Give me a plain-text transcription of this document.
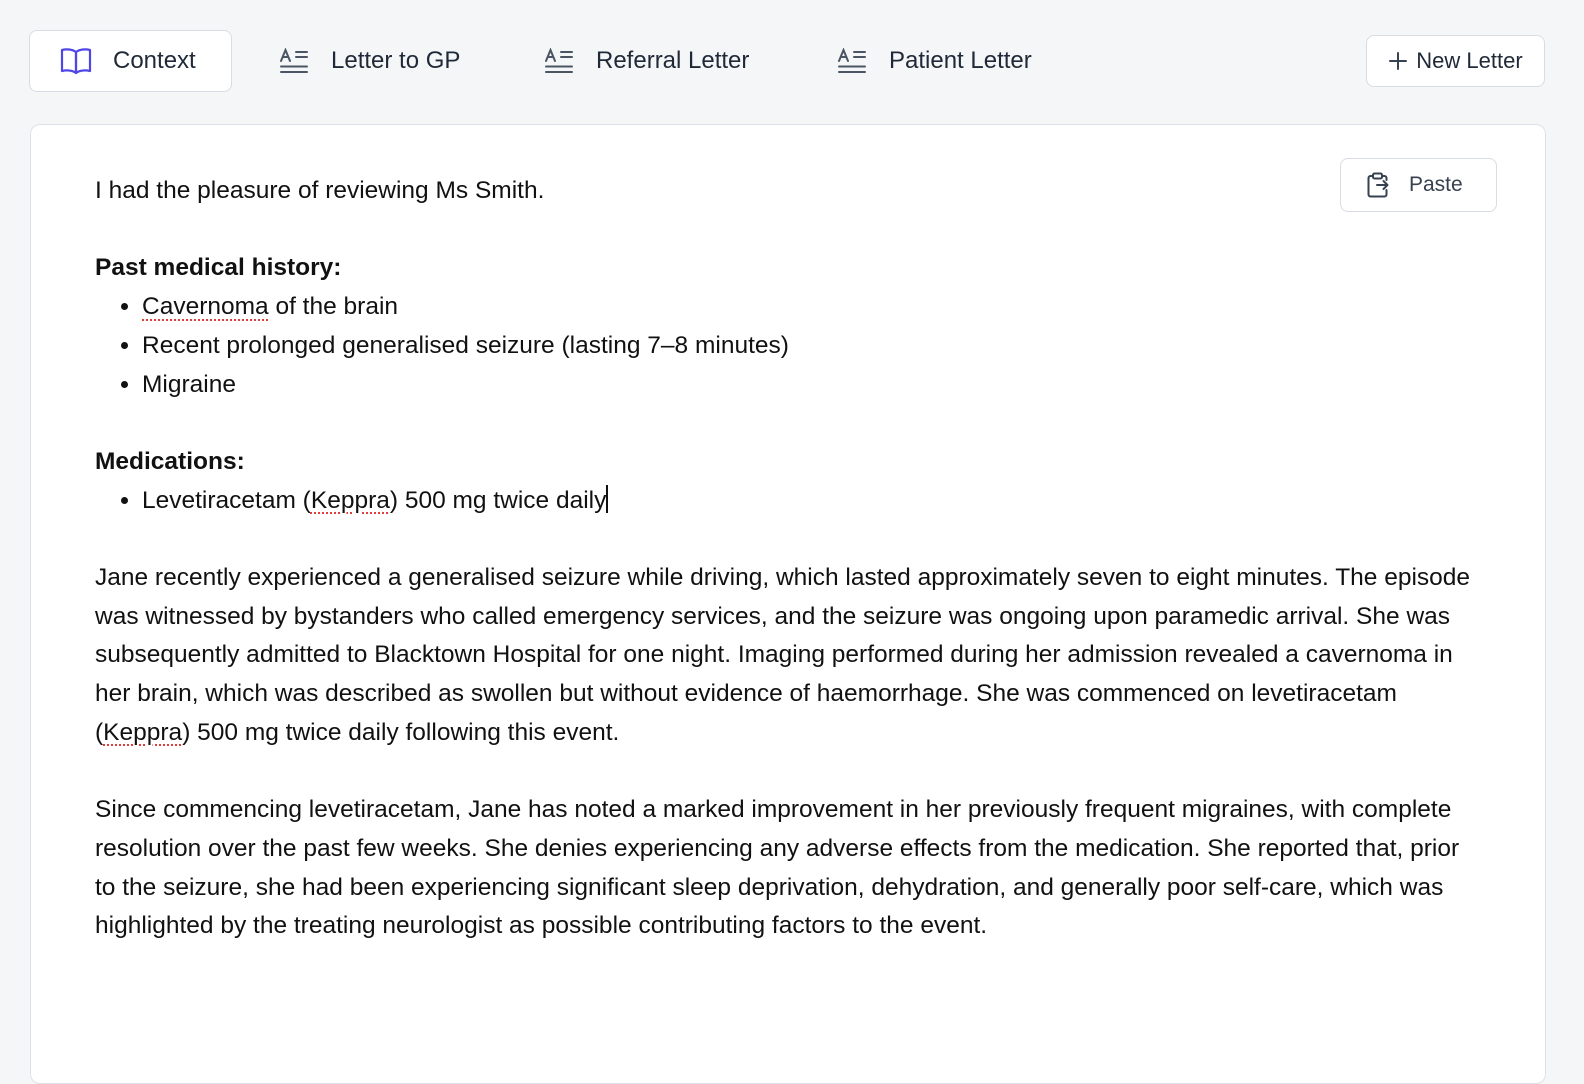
Context	Letter to GP	Referral Letter	Patient Letter	New Letter
Paste

I had the pleasure of reviewing Ms Smith.

Past medical history:

• Cavernoma of the brain
• Recent prolonged generalised seizure (lasting 7–8 minutes)
• Migraine

Medications:

• Levetiracetam (Keppra) 500 mg twice daily

Jane recently experienced a generalised seizure while driving, which lasted approximately seven to eight minutes. The episode was witnessed by bystanders who called emergency services, and the seizure was ongoing upon paramedic arrival. She was subsequently admitted to Blacktown Hospital for one night. Imaging performed during her admission revealed a cavernoma in her brain, which was described as swollen but without evidence of haemorrhage. She was commenced on levetiracetam (Keppra) 500 mg twice daily following this event.

Since commencing levetiracetam, Jane has noted a marked improvement in her previously frequent migraines, with complete resolution over the past few weeks. She denies experiencing any adverse effects from the medication. She reported that, prior to the seizure, she had been experiencing significant sleep deprivation, dehydration, and generally poor self-care, which was highlighted by the treating neurologist as possible contributing factors to the event.
